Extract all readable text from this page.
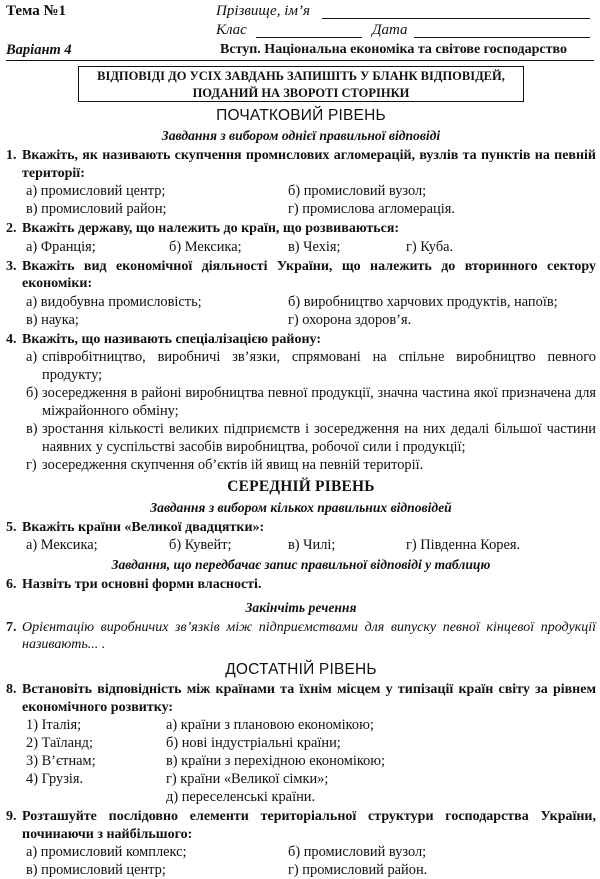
Тема №1	Прізвище, ім’я
Клас	Дата
Варіант 4	Вступ. Національна економіка та світове господарство
ВІДПОВІДІ ДО УСІХ ЗАВДАНЬ ЗАПИШІТЬ У БЛАНК ВІДПОВІДЕЙ,
ПОДАНИЙ НА ЗВОРОТІ СТОРІНКИ
ПОЧАТКОВИЙ РІВЕНЬ
Завдання з вибором однієї правильної відповіді
1. Вкажіть, як називають скупчення промислових агломерацій, вузлів та пунктів на певній території:
а) промисловий центр;	б) промисловий вузол;
в) промисловий район;	г) промислова агломерація.
2. Вкажіть державу, що належить до країн, що розвиваються:
а) Франція;	б) Мексика;	в) Чехія;	г) Куба.
3. Вкажіть вид економічної діяльності України, що належить до вторинного сектору економіки:
а) видобувна промисловість;	б) виробництво харчових продуктів, напоїв;
в) наука;	г) охорона здоров’я.
4. Вкажіть, що називають спеціалізацією району:
а) співробітництво, виробничі зв’язки, спрямовані на спільне виробництво певного продукту;
б) зосередження в районі виробництва певної продукції, значна частина якої призначена для міжрайонного обміну;
в) зростання кількості великих підприємств і зосередження на них дедалі більшої частини наявних у суспільстві засобів виробництва, робочої сили і продукції;
г) зосередження скупчення об’єктів ій явищ на певній території.
СЕРЕДНІЙ РІВЕНЬ
Завдання з вибором кількох правильних відповідей
5. Вкажіть країни «Великої двадцятки»:
а) Мексика;	б) Кувейт;	в) Чилі;	г) Південна Корея.
Завдання, що передбачає запис правильної відповіді у таблицю
6. Назвіть три основні форми власності.
Закінчіть речення
7. Орієнтацію виробничих зв’язків між підприємствами для випуску певної кінцевої продукції називають... .
ДОСТАТНІЙ РІВЕНЬ
8. Встановіть відповідність між країнами та їхнім місцем у типізації країн світу за рівнем економічного розвитку:
1) Італія;	а) країни з плановою економікою;
2) Таїланд;	б) нові індустріальні країни;
3) В’єтнам;	в) країни з перехідною економікою;
4) Грузія.	г) країни «Великої сімки»;
д) переселенські країни.
9. Розташуйте послідовно елементи територіальної структури господарства України, починаючи з найбільшого:
а) промисловий комплекс;	б) промисловий вузол;
в) промисловий центр;	г) промисловий район.
